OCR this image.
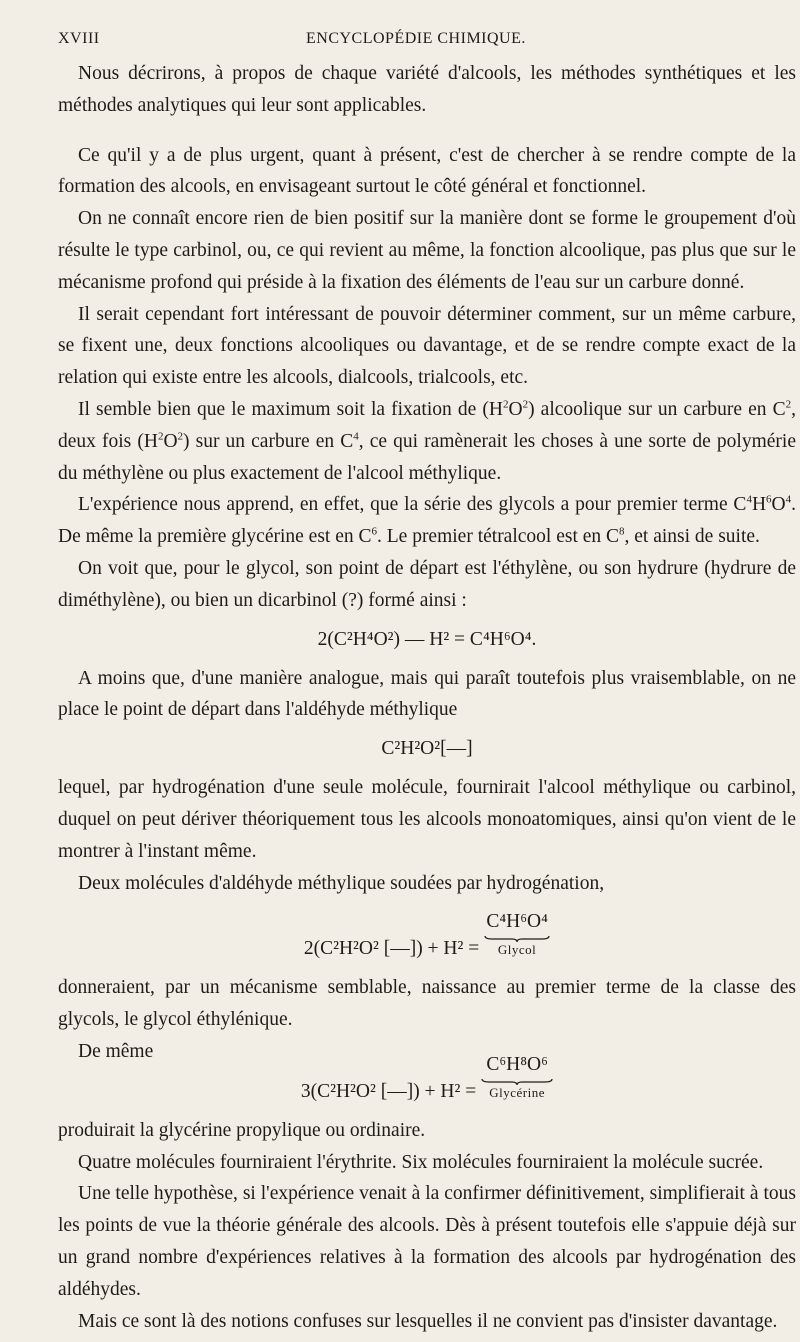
XVIII	ENCYCLOPÉDIE CHIMIQUE.

Nous décrirons, à propos de chaque variété d'alcools, les méthodes synthétiques et les méthodes analytiques qui leur sont applicables.

Ce qu'il y a de plus urgent, quant à présent, c'est de chercher à se rendre compte de la formation des alcools, en envisageant surtout le côté général et fonctionnel.

On ne connaît encore rien de bien positif sur la manière dont se forme le groupement d'où résulte le type carbinol, ou, ce qui revient au même, la fonction alcoolique, pas plus que sur le mécanisme profond qui préside à la fixation des éléments de l'eau sur un carbure donné.

Il serait cependant fort intéressant de pouvoir déterminer comment, sur un même carbure, se fixent une, deux fonctions alcooliques ou davantage, et de se rendre compte exact de la relation qui existe entre les alcools, dialcools, trialcools, etc.

Il semble bien que le maximum soit la fixation de $(H^2O^2)$ alcoolique sur un carbure en $C^2$, deux fois $(H^2O^2)$ sur un carbure en $C^4$, ce qui ramènerait les choses à une sorte de polymérie du méthylène ou plus exactement de l'alcool méthylique.

L'expérience nous apprend, en effet, que la série des glycols a pour premier terme $C^4H^6O^4$. De même la première glycérine est en $C^6$. Le premier tétralcool est en $C^8$, et ainsi de suite.

On voit que, pour le glycol, son point de départ est l'éthylène, ou son hydrure (hydrure de diméthylène), ou bien un dicarbinol (?) formé ainsi :

2(C²H⁴O²) — H² = C⁴H⁶O⁴.

A moins que, d'une manière analogue, mais qui paraît toutefois plus vraisemblable, on ne place le point de départ dans l'aldéhyde méthylique

C²H²O²[—]

lequel, par hydrogénation d'une seule molécule, fournirait l'alcool méthylique ou carbinol, duquel on peut dériver théoriquement tous les alcools monoatomiques, ainsi qu'on vient de le montrer à l'instant même.

Deux molécules d'aldéhyde méthylique soudées par hydrogénation,

2(C²H²O² [—]) + H² = C⁴H⁶O⁴
Glycol

donneraient, par un mécanisme semblable, naissance au premier terme de la classe des glycols, le glycol éthylénique.

De même

3(C²H²O² [—]) + H² = C⁶H⁸O⁶
Glycérine

produirait la glycérine propylique ou ordinaire.

Quatre molécules fourniraient l'érythrite. Six molécules fourniraient la molécule sucrée.

Une telle hypothèse, si l'expérience venait à la confirmer définitivement, simplifierait à tous les points de vue la théorie générale des alcools. Dès à présent toutefois elle s'appuie déjà sur un grand nombre d'expériences relatives à la formation des alcools par hydrogénation des aldéhydes.

Mais ce sont là des notions confuses sur lesquelles il ne convient pas d'insister davantage.
